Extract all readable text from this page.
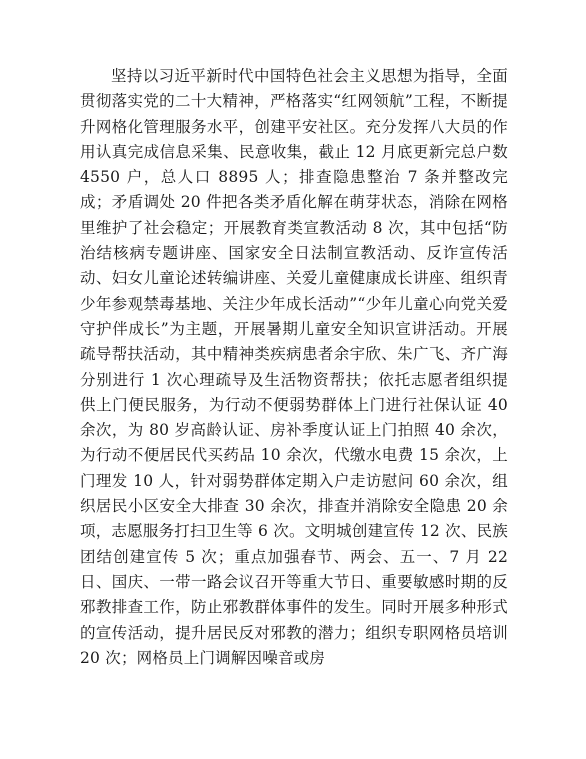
坚持以习近平新时代中国特色社会主义思想为指导，全面贯彻落实党的二十大精神，严格落实“红网领航”工程，不断提升网格化管理服务水平，创建平安社区。充分发挥八大员的作用认真完成信息采集、民意收集，截止 12 月底更新完总户数 4550 户，总人口 8895 人；排查隐患整治 7 条并整改完成；矛盾调处 20 件把各类矛盾化解在萌芽状态，消除在网格里维护了社会稳定；开展教育类宣教活动 8 次，其中包括“防治结核病专题讲座、国家安全日法制宣教活动、反诈宣传活动、妇女儿童论述转编讲座、关爱儿童健康成长讲座、组织青少年参观禁毒基地、关注少年成长活动”“少年儿童心向党关爱守护伴成长”为主题，开展暑期儿童安全知识宣讲活动。开展疏导帮扶活动，其中精神类疾病患者余宇欣、朱广飞、齐广海分别进行 1 次心理疏导及生活物资帮扶；依托志愿者组织提供上门便民服务，为行动不便弱势群体上门进行社保认证 40 余次，为 80 岁高龄认证、房补季度认证上门拍照 40 余次，为行动不便居民代买药品 10 余次，代缴水电费 15 余次，上门理发 10 人，针对弱势群体定期入户走访慰问 60 余次，组织居民小区安全大排查 30 余次，排查并消除安全隐患 20 余项，志愿服务打扫卫生等 6 次。文明城创建宣传 12 次、民族团结创建宣传 5 次；重点加强春节、两会、五一、7 月 22 日、国庆、一带一路会议召开等重大节日、重要敏感时期的反邪教排查工作，防止邪教群体事件的发生。同时开展多种形式的宣传活动，提升居民反对邪教的潜力；组织专职网格员培训 20 次；网格员上门调解因噪音或房
